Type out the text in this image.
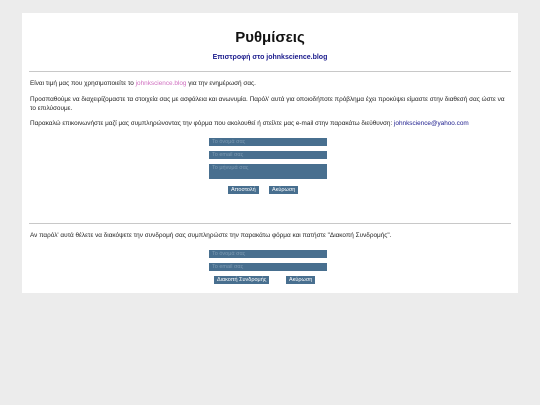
Ρυθμίσεις
Επιστροφή στο johnkscience.blog
Είναι τιμή μας που χρησιμοποιείτε το johnkscience.blog για την ενημέρωσή σας.
Προσπαθούμε να διαχειρίζομαστε τα στοιχεία σας με ασφάλεια και ανωνυμία. Παρόλ' αυτά για οποιοδήποτε πρόβλημα έχει προκύψει είμαστε στην διαθεσή σας ώστε να το επιλύσουμε.
Παρακαλώ επικοινωνήστε μαζί μας συμπληρώνοντας την φόρμα που ακολουθεί ή στείλτε μας e-mail στην παρακάτω διεύθυνση: johnkscience@yahoo.com
Το όνομά σας
Το email σας
Το μήνυμά σας
Αποστολή	Ακύρωση
Αν παρόλ' αυτά θέλετε να διακόψετε την συνδρομή σας συμπληρώστε την παρακάτω φόρμα και πατήστε "Διακοπή Συνδρομής".
Το όνομά σας
Το email σας
Διακοπή Συνδρομής	Ακύρωση
